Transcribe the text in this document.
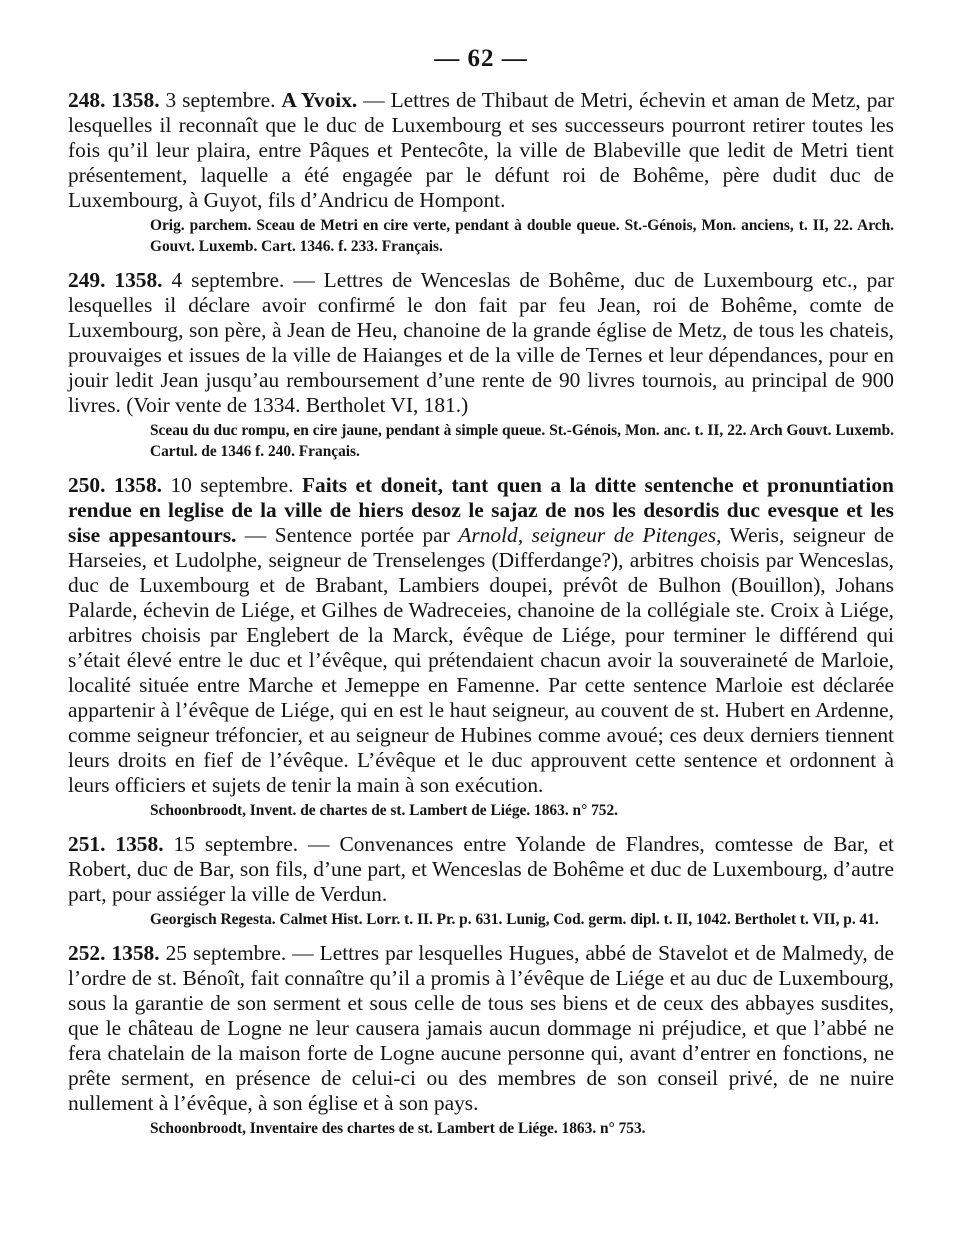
— 62 —

248. 1358. 3 septembre. A Yvoix. — Lettres de Thibaut de Metri, échevin et aman de Metz, par lesquelles il reconnaît que le duc de Luxembourg et ses successeurs pourront retirer toutes les fois qu’il leur plaira, entre Pâques et Pentecôte, la ville de Blabeville que ledit de Metri tient présentement, laquelle a été engagée par le défunt roi de Bohême, père dudit duc de Luxembourg, à Guyot, fils d’Andricu de Hompont.

Orig. parchem. Sceau de Metri en cire verte, pendant à double queue. St.-Génois, Mon. anciens, t. II, 22. Arch. Gouvt. Luxemb. Cart. 1346. f. 233. Français.

249. 1358. 4 septembre. — Lettres de Wenceslas de Bohême, duc de Luxembourg etc., par lesquelles il déclare avoir confirmé le don fait par feu Jean, roi de Bohême, comte de Luxembourg, son père, à Jean de Heu, chanoine de la grande église de Metz, de tous les chateis, prouvaiges et issues de la ville de Haianges et de la ville de Ternes et leur dépendances, pour en jouir ledit Jean jusqu’au remboursement d’une rente de 90 livres tournois, au principal de 900 livres. (Voir vente de 1334. Bertholet VI, 181.)

Sceau du duc rompu, en cire jaune, pendant à simple queue. St.-Génois, Mon. anc. t. II, 22. Arch Gouvt. Luxemb. Cartul. de 1346 f. 240. Français.

250. 1358. 10 septembre. Faits et doneit, tant quen a la ditte sentenche et pronuntiation rendue en leglise de la ville de hiers desoz le sajaz de nos les desordis duc evesque et les sise appesantours. — Sentence portée par Arnold, seigneur de Pitenges, Weris, seigneur de Harseies, et Ludolphe, seigneur de Trenselenges (Differdange?), arbitres choisis par Wenceslas, duc de Luxembourg et de Brabant, Lambiers doupei, prévôt de Bulhon (Bouillon), Johans Palarde, échevin de Liége, et Gilhes de Wadreceies, chanoine de la collégiale ste. Croix à Liége, arbitres choisis par Englebert de la Marck, évêque de Liége, pour terminer le différend qui s’était élevé entre le duc et l’évêque, qui prétendaient chacun avoir la souveraineté de Marloie, localité située entre Marche et Jemeppe en Famenne. Par cette sentence Marloie est déclarée appartenir à l’évêque de Liége, qui en est le haut seigneur, au couvent de st. Hubert en Ardenne, comme seigneur tréfoncier, et au seigneur de Hubines comme avoué; ces deux derniers tiennent leurs droits en fief de l’évêque. L’évêque et le duc approuvent cette sentence et ordonnent à leurs officiers et sujets de tenir la main à son exécution.

Schoonbroodt, Invent. de chartes de st. Lambert de Liége. 1863. n° 752.

251. 1358. 15 septembre. — Convenances entre Yolande de Flandres, comtesse de Bar, et Robert, duc de Bar, son fils, d’une part, et Wenceslas de Bohême et duc de Luxembourg, d’autre part, pour assiéger la ville de Verdun.

Georgisch Regesta. Calmet Hist. Lorr. t. II. Pr. p. 631. Lunig, Cod. germ. dipl. t. II, 1042. Bertholet t. VII, p. 41.

252. 1358. 25 septembre. — Lettres par lesquelles Hugues, abbé de Stavelot et de Malmedy, de l’ordre de st. Bénoît, fait connaître qu’il a promis à l’évêque de Liége et au duc de Luxembourg, sous la garantie de son serment et sous celle de tous ses biens et de ceux des abbayes susdites, que le château de Logne ne leur causera jamais aucun dommage ni préjudice, et que l’abbé ne fera chatelain de la maison forte de Logne aucune personne qui, avant d’entrer en fonctions, ne prête serment, en présence de celui-ci ou des membres de son conseil privé, de ne nuire nullement à l’évêque, à son église et à son pays.

Schoonbroodt, Inventaire des chartes de st. Lambert de Liége. 1863. n° 753.
